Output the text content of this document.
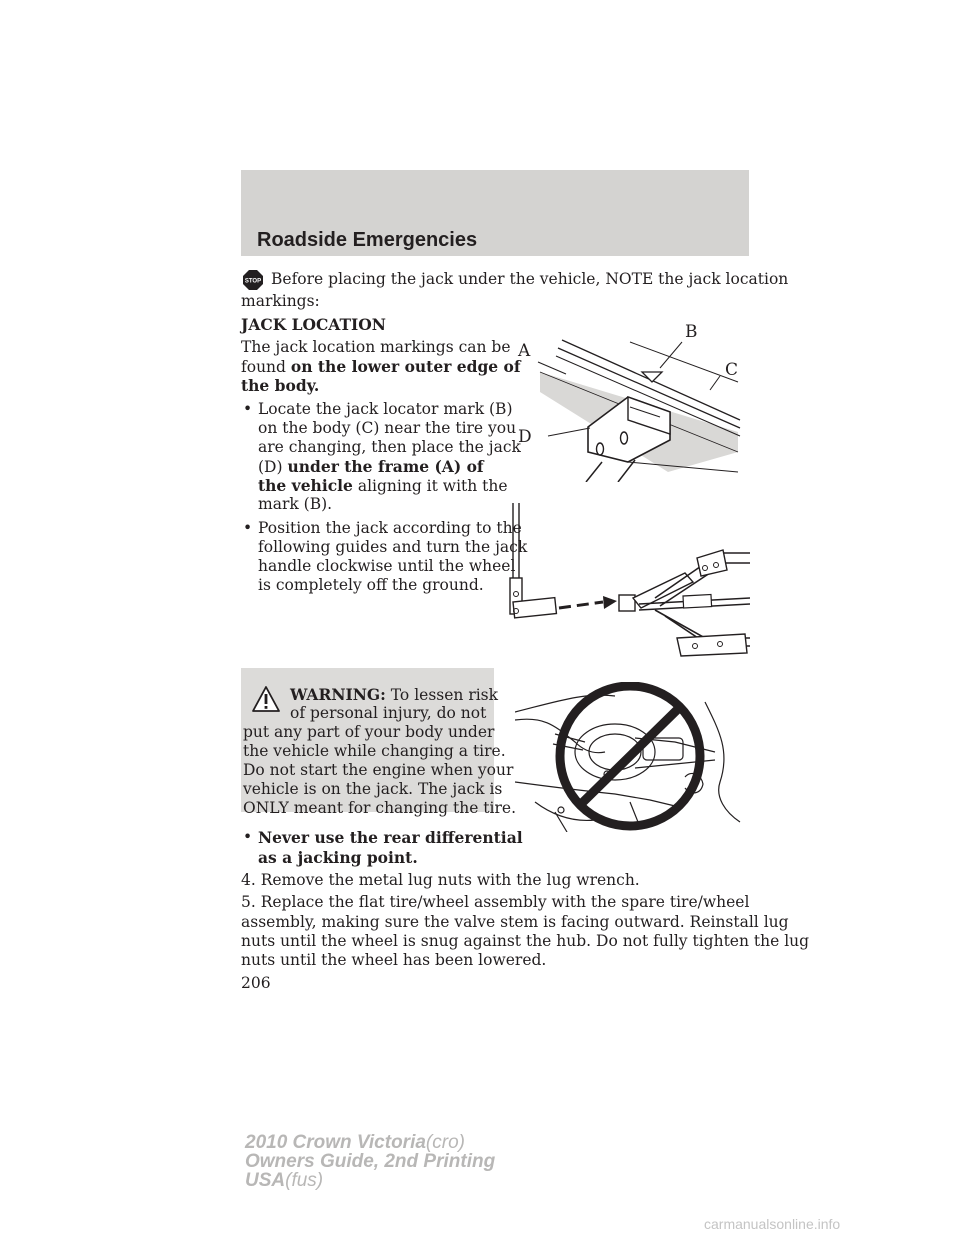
Roadside Emergencies
STOP Before placing the jack under the vehicle, NOTE the jack location
markings:
JACK LOCATION
The jack location markings can be
found on the lower outer edge of
the body.
• Locate the jack locator mark (B)
on the body (C) near the tire you
are changing, then place the jack
(D) under the frame (A) of
the vehicle aligning it with the
mark (B).
• Position the jack according to the
following guides and turn the jack
handle clockwise until the wheel
is completely off the ground.
A
B
C
D
WARNING: To lessen risk
of personal injury, do not
put any part of your body under
the vehicle while changing a tire.
Do not start the engine when your
vehicle is on the jack. The jack is
ONLY meant for changing the tire.
• Never use the rear differential
as a jacking point.
4. Remove the metal lug nuts with the lug wrench.
5. Replace the flat tire/wheel assembly with the spare tire/wheel
assembly, making sure the valve stem is facing outward. Reinstall lug
nuts until the wheel is snug against the hub. Do not fully tighten the lug
nuts until the wheel has been lowered.
206
2010 Crown Victoria(cro)
Owners Guide, 2nd Printing
USA(fus)
carmanualsonline.info
